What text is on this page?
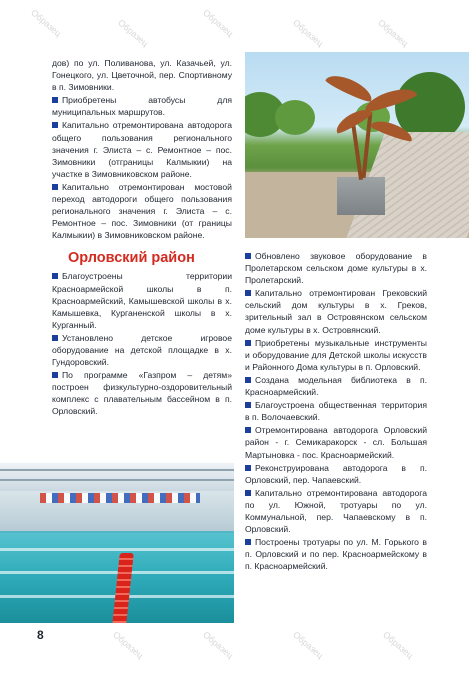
Образец	Образец	Образец	Образец	Образец
Образец	Образец	Образец	Образец

дов) по ул. Поливанова, ул. Казачьей, ул. Гонецкого, ул. Цветочной, пер. Спортивному в п. Зимовники.

Приобретены автобусы для муниципальных маршрутов.

Капитально отремонтирована автодорога общего пользования регионального значения г. Элиста – с. Ремонтное – пос. Зимовники (отграницы Калмыкии) на участке в Зимовниковском районе.

Капитально отремонтирован мостовой переход автодороги общего пользования регионального значения г. Элиста – с. Ремонтное – пос. Зимовники (от границы Калмыкии) в Зимовниковском районе.

Орловский район

Благоустроены территории Красноармейской школы в п. Красноармейский, Камышевской школы в х. Камышевка, Курганенской школы в х. Курганный.

Установлено детское игровое оборудование на детской площадке в х. Гундоровский.

По программе «Газпром – детям» построен физкультурно-оздоровительный комплекс с плавательным бассейном в п. Орловский.

Обновлено звуковое оборудование в Пролетарском сельском доме культуры в х. Пролетарский.

Капитально отремонтирован Грековский сельский дом культуры в х. Греков, зрительный зал в Островянском сельском доме культуры в х. Островянский.

Приобретены музыкальные инструменты и оборудование для Детской школы искусств и Районного Дома культуры в п. Орловский.

Создана модельная библиотека в п. Красноармейский.

Благоустроена общественная территория в п. Волочаевский.

Отремонтирована автодорога Орловский район - г. Семикаракорск - сл. Большая Мартыновка - пос. Красноармейский.

Реконструирована автодорога в п. Орловский, пер. Чапаевский.

Капитально отремонтирована автодорога по ул. Южной, тротуары по ул. Коммунальной, пер. Чапаевскому в п. Орловский.

Построены тротуары по ул. М. Горького в п. Орловский и по пер. Красноармейскому в п. Красноармейский.

8
